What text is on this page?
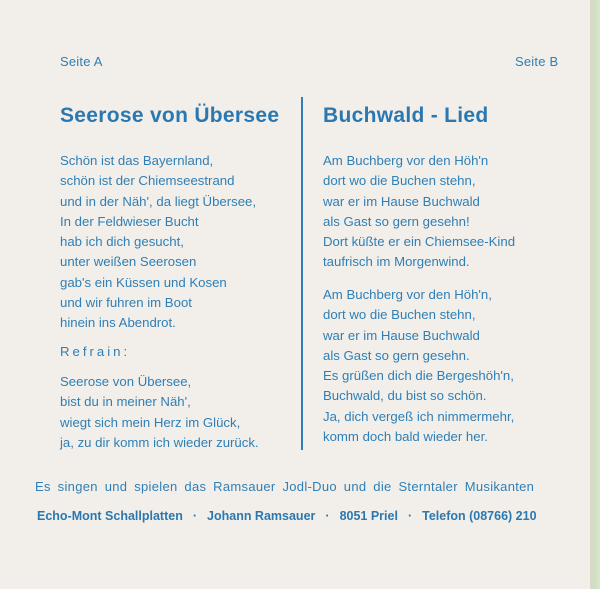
Seite A	Seite B
Seerose von Übersee Buchwald - Lied
Schön ist das Bayernland,
schön ist der Chiemseestrand
und in der Näh', da liegt Übersee,
In der Feldwieser Bucht
hab ich dich gesucht,
unter weißen Seerosen
gab's ein Küssen und Kosen
und wir fuhren im Boot
hinein ins Abendrot.
Refrain:
Seerose von Übersee,
bist du in meiner Näh',
wiegt sich mein Herz im Glück,
ja, zu dir komm ich wieder zurück.
Am Buchberg vor den Höh'n
dort wo die Buchen stehn,
war er im Hause Buchwald
als Gast so gern gesehn!
Dort küßte er ein Chiemsee-Kind
taufrisch im Morgenwind.
Am Buchberg vor den Höh'n,
dort wo die Buchen stehn,
war er im Hause Buchwald
als Gast so gern gesehn.
Es grüßen dich die Bergeshöh'n,
Buchwald, du bist so schön.
Ja, dich vergeß ich nimmermehr,
komm doch bald wieder her.
Es singen und spielen das Ramsauer Jodl-Duo und die Sterntaler Musikanten
Echo-Mont Schallplatten · Johann Ramsauer · 8051 Priel · Telefon (08766) 210
